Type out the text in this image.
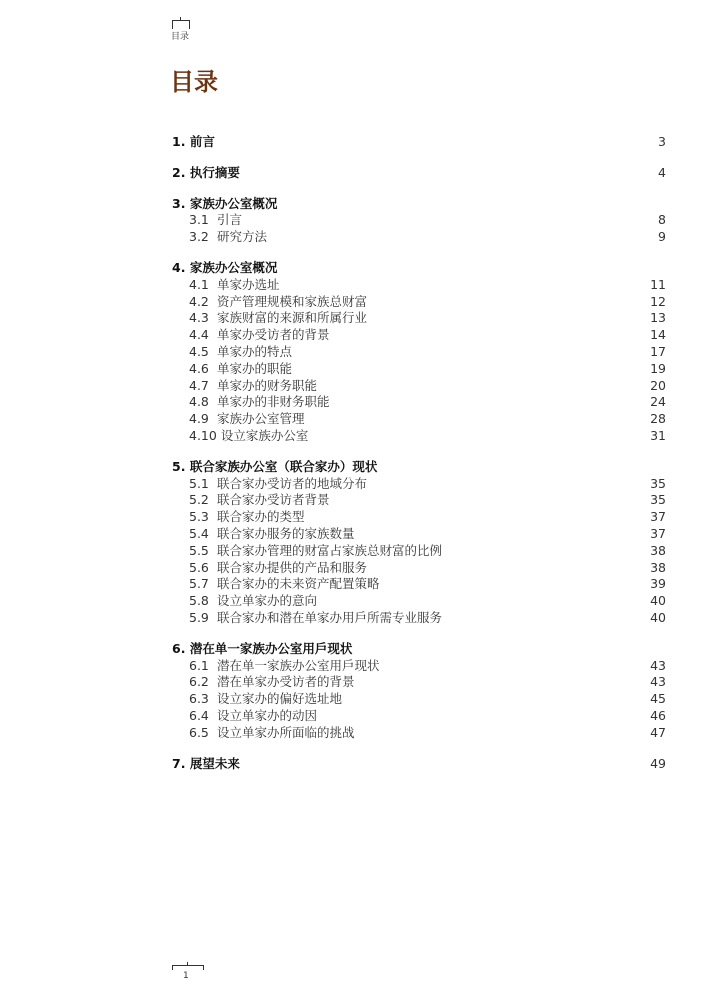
目录
目录
1. 前言	3
2. 执行摘要	4
3. 家族办公室概况
3.1 引言	8
3.2 研究方法	9
4. 家族办公室概况
4.1 单家办选址	11
4.2 资产管理规模和家族总财富	12
4.3 家族财富的来源和所属行业	13
4.4 单家办受访者的背景	14
4.5 单家办的特点	17
4.6 单家办的职能	19
4.7 单家办的财务职能	20
4.8 单家办的非财务职能	24
4.9 家族办公室管理	28
4.10 设立家族办公室	31
5. 联合家族办公室（联合家办）现状
5.1 联合家办受访者的地域分布	35
5.2 联合家办受访者背景	35
5.3 联合家办的类型	37
5.4 联合家办服务的家族数量	37
5.5 联合家办管理的财富占家族总财富的比例	38
5.6 联合家办提供的产品和服务	38
5.7 联合家办的未来资产配置策略	39
5.8 设立单家办的意向	40
5.9 联合家办和潜在单家办用戶所需专业服务	40
6. 潜在单一家族办公室用戶现状
6.1 潜在单一家族办公室用戶现状	43
6.2 潜在单家办受访者的背景	43
6.3 设立家办的偏好选址地	45
6.4 设立单家办的动因	46
6.5 设立单家办所面临的挑战	47
7. 展望未来	49
1
